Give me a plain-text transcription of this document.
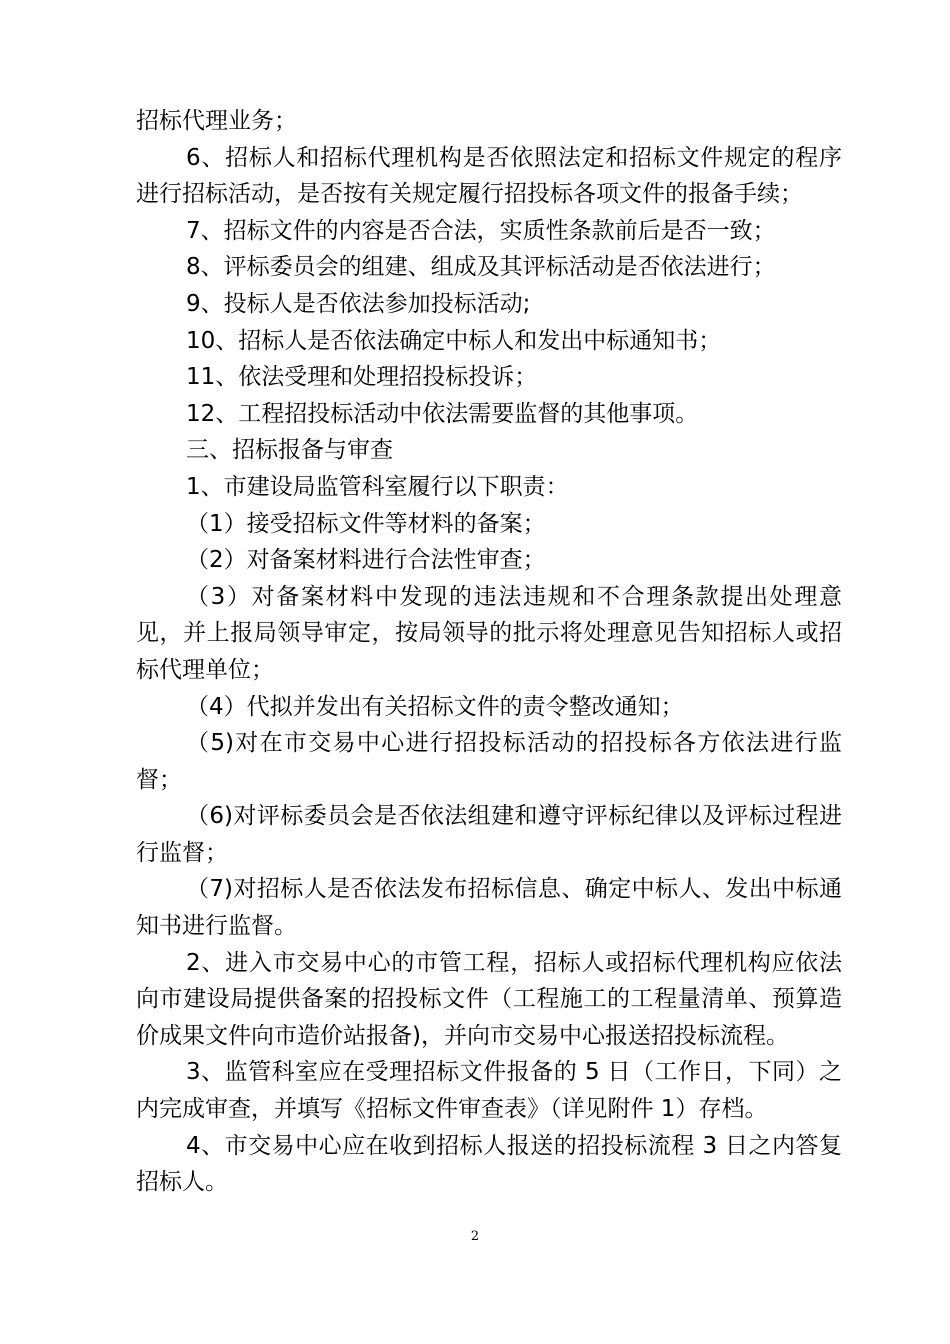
招标代理业务；

6、招标人和招标代理机构是否依照法定和招标文件规定的程序进行招标活动，是否按有关规定履行招投标各项文件的报备手续；

7、招标文件的内容是否合法，实质性条款前后是否一致；

8、评标委员会的组建、组成及其评标活动是否依法进行；

9、投标人是否依法参加投标活动;

10、招标人是否依法确定中标人和发出中标通知书；

11、依法受理和处理招投标投诉；

12、工程招投标活动中依法需要监督的其他事项。

三、招标报备与审查

1、市建设局监管科室履行以下职责：

（1）接受招标文件等材料的备案；

（2）对备案材料进行合法性审查；

（3）对备案材料中发现的违法违规和不合理条款提出处理意见，并上报局领导审定，按局领导的批示将处理意见告知招标人或招标代理单位；

（4）代拟并发出有关招标文件的责令整改通知；

（5)对在市交易中心进行招投标活动的招投标各方依法进行监督；

（6)对评标委员会是否依法组建和遵守评标纪律以及评标过程进行监督；

（7)对招标人是否依法发布招标信息、确定中标人、发出中标通知书进行监督。

2、进入市交易中心的市管工程，招标人或招标代理机构应依法向市建设局提供备案的招投标文件（工程施工的工程量清单、预算造价成果文件向市造价站报备)，并向市交易中心报送招投标流程。

3、监管科室应在受理招标文件报备的 5 日（工作日，下同）之内完成审查，并填写《招标文件审查表》（详见附件 1）存档。

4、市交易中心应在收到招标人报送的招投标流程 3 日之内答复招标人。

2
